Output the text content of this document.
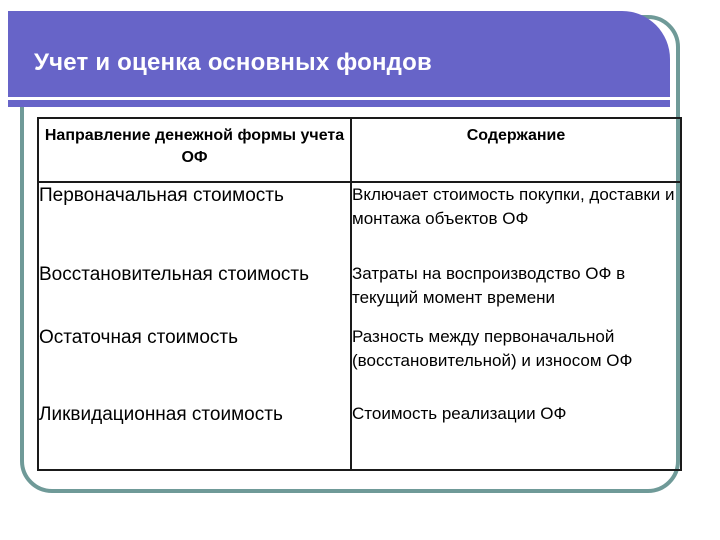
Учет и оценка основных фондов
Направление денежной формы учета ОФ	Содержание
Первоначальная стоимость	Включает стоимость покупки, доставки и монтажа объектов ОФ
Восстановительная стоимость	Затраты на воспроизводство ОФ в текущий момент времени
Остаточная стоимость	Разность между первоначальной (восстановительной) и износом ОФ
Ликвидационная стоимость	Стоимость реализации ОФ
